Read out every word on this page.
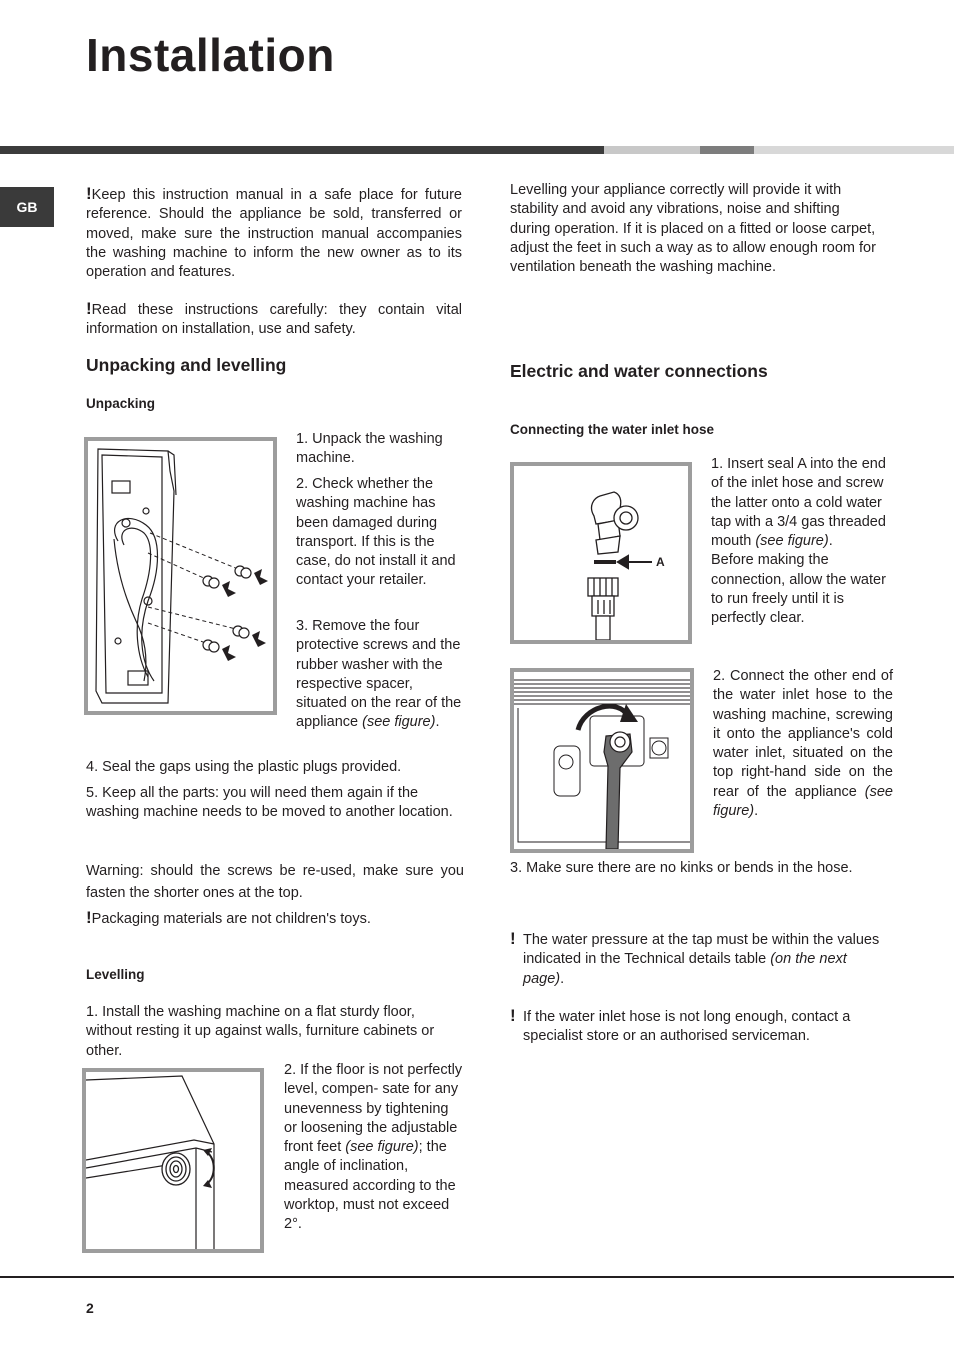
Installation
GB

!Keep this instruction manual in a safe place for future reference. Should the appliance be sold, transferred or moved, make sure the instruction manual accompanies the washing machine to inform the new owner as to its operation and features.

!Read these instructions carefully: they contain vital information on installation, use and safety.

Unpacking and levelling
Unpacking

1. Unpack the washing machine.

2. Check whether the washing machine has been damaged during transport. If this is the case, do not install it and contact your retailer.

3. Remove the four protective screws and the rubber washer with the respective spacer, situated on the rear of the appliance (see figure).

4. Seal the gaps using the plastic plugs provided.

5. Keep all the parts: you will need them again if the washing machine needs to be moved to another location.

Warning: should the screws be re-used, make sure you fasten the shorter ones at the top.

!Packaging materials are not children's toys.

Levelling

1. Install the washing machine on a flat sturdy floor, without resting it up against walls, furniture cabinets or other.

2. If the floor is not perfectly level, compen- sate for any unevenness by tightening or loosening the adjustable front feet (see figure); the angle of inclination, measured according to the worktop, must not exceed 2°.

Levelling your appliance correctly will provide it with stability and avoid any vibrations, noise and shifting during operation. If it is placed on a fitted or loose carpet, adjust the feet in such a way as to allow enough room for ventilation beneath the washing machine.

Electric and water connections
Connecting the water inlet hose
A

1. Insert seal A into the end of the inlet hose and screw the latter onto a cold water tap with a 3/4 gas threaded mouth (see figure).
Before making the connection, allow the water to run freely until it is perfectly clear.

2. Connect the other end of the water inlet hose to the washing machine, screwing it onto the appliance's cold water inlet, situated on the top right-hand side on the rear of the appliance (see figure).

3. Make sure there are no kinks or bends in the hose.

! The water pressure at the tap must be within the values indicated in the Technical details table (on the next page).
! If the water inlet hose is not long enough, contact a specialist store or an authorised serviceman.
2
